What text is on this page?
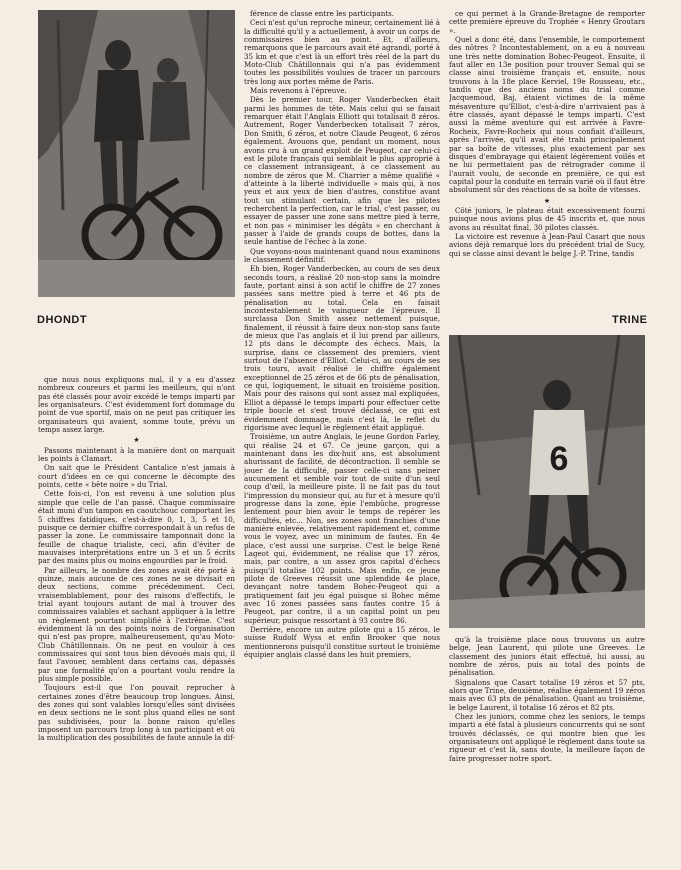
DHONDT
6
TRINE

que nous nous expliquons mal, il y a eu d'assez nombreux coureurs et parmi les meilleurs, qui n'ont pas été classés pour avoir excédé le temps imparti par les organisateurs. C'est évidemment fort dommage du point de vue sportif, mais on ne peut pas critiquer les organisateurs qui avaient, somme toute, prévu un temps assez large.

★

Passons maintenant à la manière dont on marquait les points à Clamart.

On sait que le Président Cantalice n'est jamais à court d'idées en ce qui concerne le décompte des points, cette « bête noire » du Trial.

Cette fois-ci, l'on est revenu à une solution plus simple que celle de l'an passé. Chaque commissaire était muni d'un tampon en caoutchouc comportant les 5 chiffres fatidiques, c'est-à-dire 0, 1, 3, 5 et 10, puisque ce dernier chiffre correspondait à un refus de passer la zone. Le commissaire tamponnait donc la feuille de chaque trialiste, ceci, afin d'éviter de mauvaises interprétations entre un 3 et un 5 écrits par des mains plus ou moins engourdies par le froid.

Par ailleurs, le nombre des zones avait été porté à quinze, mais aucune de ces zones ne se divisait en deux sections, comme précédemment. Ceci, vraisemblablement, pour des raisons d'effectifs, le trial ayant toujours autant de mal à trouver des commissaires valables et sachant appliquer à la lettre un règlement pourtant simplifié à l'extrême. C'est évidemment là un des points noirs de l'organisation qui n'est pas propre, malheureusement, qu'au Moto-Club Châtillonnais. On ne peut en vouloir à ces commissaires qui sont tous bien dévoués mais qui, il faut l'avouer, semblent dans certains cas, dépassés par une formalité qu'on a pourtant voulu rendre la plus simple possible.

Toujours est-il que l'on pouvait reprocher à certaines zones d'être beaucoup trop longues. Ainsi, des zones qui sont valables lorsqu'elles sont divisées en deux sections ne le sont plus quand elles ne sont pas subdivisées, pour la bonne raison qu'elles imposent un parcours trop long à un participant et où la multiplication des possibilités de faute annule la dif-

férence de classe entre les participants.

Ceci n'est qu'un reproche mineur, certainement lié à la difficulté qu'il y a actuellement, à avoir un corps de commissaires bien au point. Et, d'ailleurs, remarquons que le parcours avait été agrandi, porté à 35 km et que c'est là un effort très réel de la part du Moto-Club Châtillonnais qui n'a pas évidemment toutes les possibilités voulues de tracer un parcours très long aux portes même de Paris.

Mais revenons à l'épreuve.

Dès le premier tour, Roger Vanderbecken était parmi les hommes de tête. Mais celui qui se faisait remarquer était l'Anglais Elliott qui totalisait 8 zéros. Autrement, Roger Vanderbecken totalisait 7 zéros, Don Smith, 6 zéros, et notre Claude Peugeot, 6 zéros également. Avouons que, pendant un moment, nous avons cru à un grand exploit de Peugeot, car celui-ci est le pilote français qui semblait le plus approprié à ce classement intransigeant, à ce classement au nombre de zéros que M. Charrier a même qualifié « d'atteinte à la liberté individuelle » mais qui, à nos yeux et aux yeux de bien d'autres, constitue avant tout un stimulant certain, afin que les pilotes recherchent la perfection, car le trial, c'est passer, ou essayer de passer une zone sans mettre pied à terre, et non pas « minimiser les dégâts » en cherchant à passer à l'aide de grands coups de bottes, dans la seule hantise de l'échec à la zone.

Que voyons-nous maintenant quand nous examinons le classement définitif.

Eh bien, Roger Vanderbecken, au cours de ses deux seconds tours, a réalisé 20 non-stop sans la moindre faute, portant ainsi à son actif le chiffre de 27 zones passées sans mettre pied à terre et 46 pts de pénalisation au total. Cela en faisait incontestablement le vainqueur de l'épreuve. Il surclassa Don Smith assez nettement puisque, finalement, il réussit à faire deux non-stop sans faute de mieux que l'as anglais et il lui prend par ailleurs, 12 pts dans le décompte des échecs. Mais, la surprise, dans ce classement des premiers, vient surtout de l'absence d'Elliot. Celui-ci, au cours de ses trois tours, avait réalisé le chiffre également exceptionnel de 25 zéros et de 66 pts de pénalisation, ce qui, logiquement, le situait en troisième position. Mais pour des raisons qui sont assez mal expliquées, Elliot a dépassé le temps imparti pour effectuer cette triple boucle et s'est trouvé déclassé, ce qui est évidemment dommage, mais c'est là, le reflet du rigorisme avec lequel le règlement était appliqué.

Troisième, un autre Anglais, le jeune Gordon Farley, qui réalise 24 et 67. Ce jeune garçon, qui a maintenant dans les dix-huit ans, est absolument ahurissant de facilité, de décontraction. Il semble se jouer de la difficulté, passer celle-ci sans peiner aucunement et semble voir tout de suite d'un seul coup d'œil, la meilleure piste. Il ne fait pas du tout l'impression du monsieur qui, au fur et à mesure qu'il progresse dans la zone, épie l'embûche, progresse lentement pour bien avoir le temps de repérer les difficultés, etc... Non, ses zones sont franchies d'une manière enlevée, relativement rapidement et, comme vous le voyez, avec un minimum de fautes. En 4e place, c'est aussi une surprise. C'est le belge René Lageot qui, évidemment, ne réalise que 17 zéros, mais, par contre, a un assez gros capital d'échecs puisqu'il totalise 102 points. Mais enfin, ce jeune pilote de Greeves réussit une splendide 4e place, devançant notre tandem Bohec-Peugeot qui a pratiquement fait jeu égal puisque si Bohec même avec 16 zones passées sans fautes contre 15 à Peugeot, par contre, il a un capital point un peu supérieur, puisque ressortant à 93 contre 86.

Derrière, encore un autre pilote qui a 15 zéros, le suisse Rudolf Wyss et enfin Brooker que nous mentionnerons puisqu'il constitue surtout le troisième équipier anglais classé dans les huit premiers,

ce qui permet à la Grande-Bretagne de remporter cette première épreuve du Trophée « Henry Groutars ».

Quel a donc été, dans l'ensemble, le comportement des nôtres ? Incontestablement, on a eu à nouveau une très nette domination Bohec-Peugeot. Ensuite, il faut aller en 13e position pour trouver Semal qui se classe ainsi troisième français et, ensuite, nous trouvons à la 18e place Kerviel, 19e Rousseau, etc., tandis que des anciens noms du trial comme Jacquemoud, Baj, étaient victimes de la même mésaventure qu'Elliot, c'est-à-dire n'arrivaient pas à être classés, ayant dépassé le temps imparti. C'est aussi la même aventure qui est arrivée à Favre-Rocheix, Favre-Rocheix qui nous confiait d'ailleurs, après l'arrivée, qu'il avait été trahi principalement par sa boîte de vitesses, plus exactement par ses disques d'embrayage qui étaient légèrement voilés et ne lui permettaient pas de rétrograder comme il l'aurait voulu, de seconde en première, ce qui est capital pour la conduite en terrain varié où il faut être absolument sûr des réactions de sa boîte de vitesses.

★

Côté juniors, le plateau était excessivement fourni puisque nous avions plus de 45 inscrits et, que nous avons au résultat final, 30 pilotes classés.

La victoire est revenue à Jean-Paul Casart que nous avions déjà remarqué lors du précédent trial de Sucy, qui se classe ainsi devant le belge J.-P. Trine, tandis

qu'à la troisième place nous trouvons un autre belge, Jean Laurent, qui pilote une Greeves. Le classement des juniors était effectué, lui aussi, au nombre de zéros, puis au total des points de pénalisation.

Signalons que Casart totalise 19 zéros et 57 pts, alors que Trine, deuxième, réalise également 19 zéros mais avec 63 pts de pénalisation. Quant au troisième, le belge Laurent, il totalise 16 zéros et 82 pts.

Chez les juniors, comme chez les seniors, le temps imparti a été fatal à plusieurs concurrents qui se sont trouvés déclassés, ce qui montre bien que les organisateurs ont appliqué le règlement dans toute sa rigueur et c'est là, sans doute, la meilleure façon de faire progresser notre sport.
